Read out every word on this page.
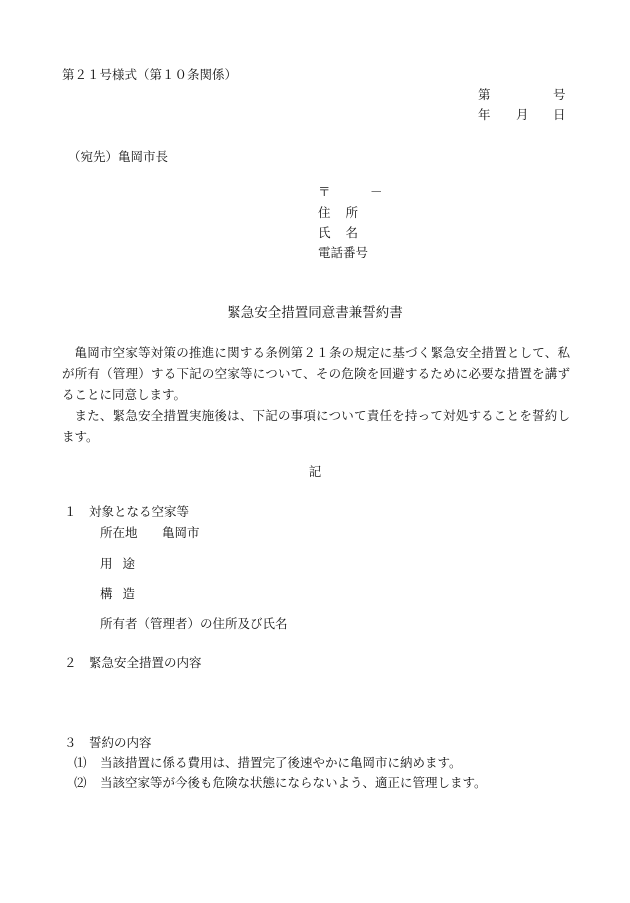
第２１号様式（第１０条関係）
第	号
年 月 日
（宛先）亀岡市長
〒	－
住所
氏名
電話番号
緊急安全措置同意書兼誓約書

亀岡市空家等対策の推進に関する条例第２１条の規定に基づく緊急安全措置として、私が所有（管理）する下記の空家等について、その危険を回避するために必要な措置を講ずることに同意します。

また、緊急安全措置実施後は、下記の事項について責任を持って対処することを誓約します。

記
１　対象となる空家等
所在地 亀岡市
用途
構造
所有者（管理者）の住所及び氏名
２　緊急安全措置の内容
３　誓約の内容
⑴ 当該措置に係る費用は、措置完了後速やかに亀岡市に納めます。
⑵ 当該空家等が今後も危険な状態にならないよう、適正に管理します。
